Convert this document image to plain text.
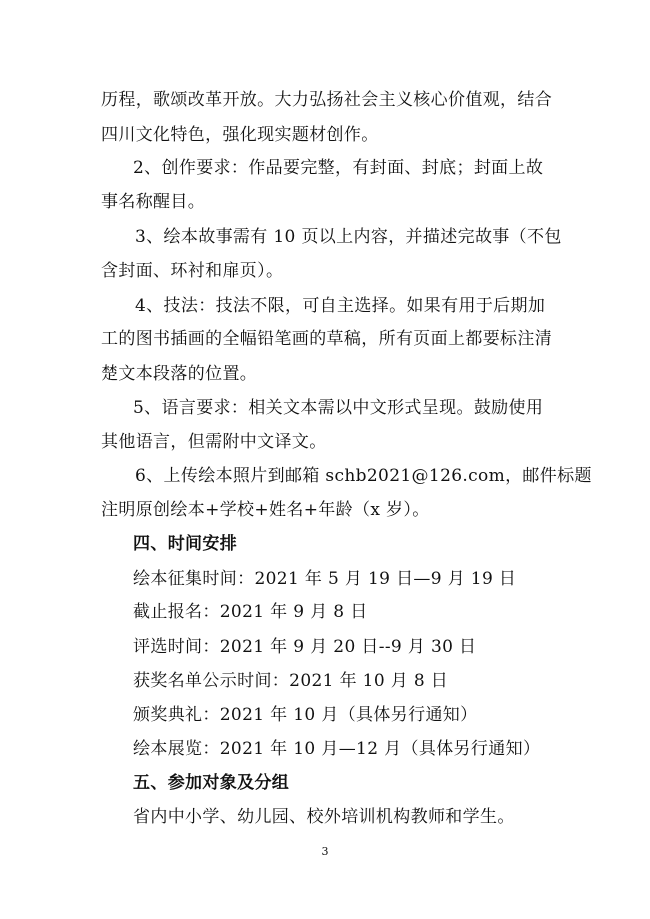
历程，歌颂改革开放。大力弘扬社会主义核心价值观，结合
四川文化特色，强化现实题材创作。
2、创作要求：作品要完整，有封面、封底；封面上故
事名称醒目。
3、绘本故事需有 10 页以上内容，并描述完故事（不包
含封面、环衬和扉页）。
4、技法：技法不限，可自主选择。如果有用于后期加
工的图书插画的全幅铅笔画的草稿，所有页面上都要标注清
楚文本段落的位置。
5、语言要求：相关文本需以中文形式呈现。鼓励使用
其他语言，但需附中文译文。
6、上传绘本照片到邮箱 schb2021@126.com，邮件标题
注明原创绘本+学校+姓名+年龄（x 岁）。
四、时间安排
绘本征集时间：2021 年 5 月 19 日—9 月 19 日
截止报名：2021 年 9 月 8 日
评选时间：2021 年 9 月 20 日--9 月 30 日
获奖名单公示时间：2021 年 10 月 8 日
颁奖典礼：2021 年 10 月（具体另行通知）
绘本展览：2021 年 10 月—12 月（具体另行通知）
五、参加对象及分组
省内中小学、幼儿园、校外培训机构教师和学生。
3
